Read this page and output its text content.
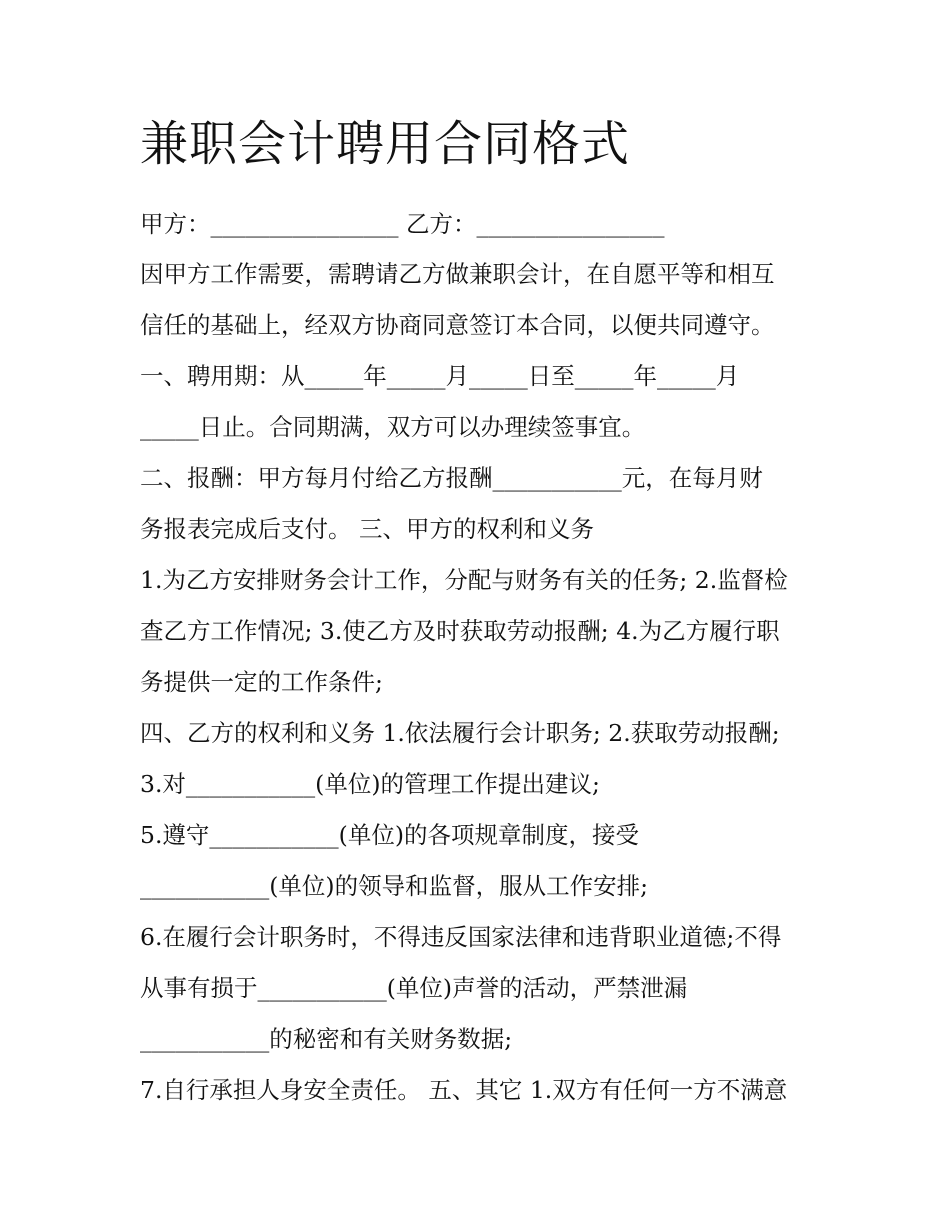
兼职会计聘用合同格式

甲方：________________ 乙方：________________

因甲方工作需要，需聘请乙方做兼职会计，在自愿平等和相互

信任的基础上，经双方协商同意签订本合同，以便共同遵守。

一、聘用期：从_____年_____月_____日至_____年_____月

_____日止。合同期满，双方可以办理续签事宜。

二、报酬：甲方每月付给乙方报酬___________元，在每月财

务报表完成后支付。 三、甲方的权利和义务

1.为乙方安排财务会计工作，分配与财务有关的任务; 2.监督检

查乙方工作情况; 3.使乙方及时获取劳动报酬; 4.为乙方履行职

务提供一定的工作条件;

四、乙方的权利和义务 1.依法履行会计职务; 2.获取劳动报酬;

3.对___________(单位)的管理工作提出建议;

5.遵守___________(单位)的各项规章制度，接受

___________(单位)的领导和监督，服从工作安排;

6.在履行会计职务时，不得违反国家法律和违背职业道德;不得

从事有损于___________(单位)声誉的活动，严禁泄漏

___________的秘密和有关财务数据;

7.自行承担人身安全责任。 五、其它 1.双方有任何一方不满意
